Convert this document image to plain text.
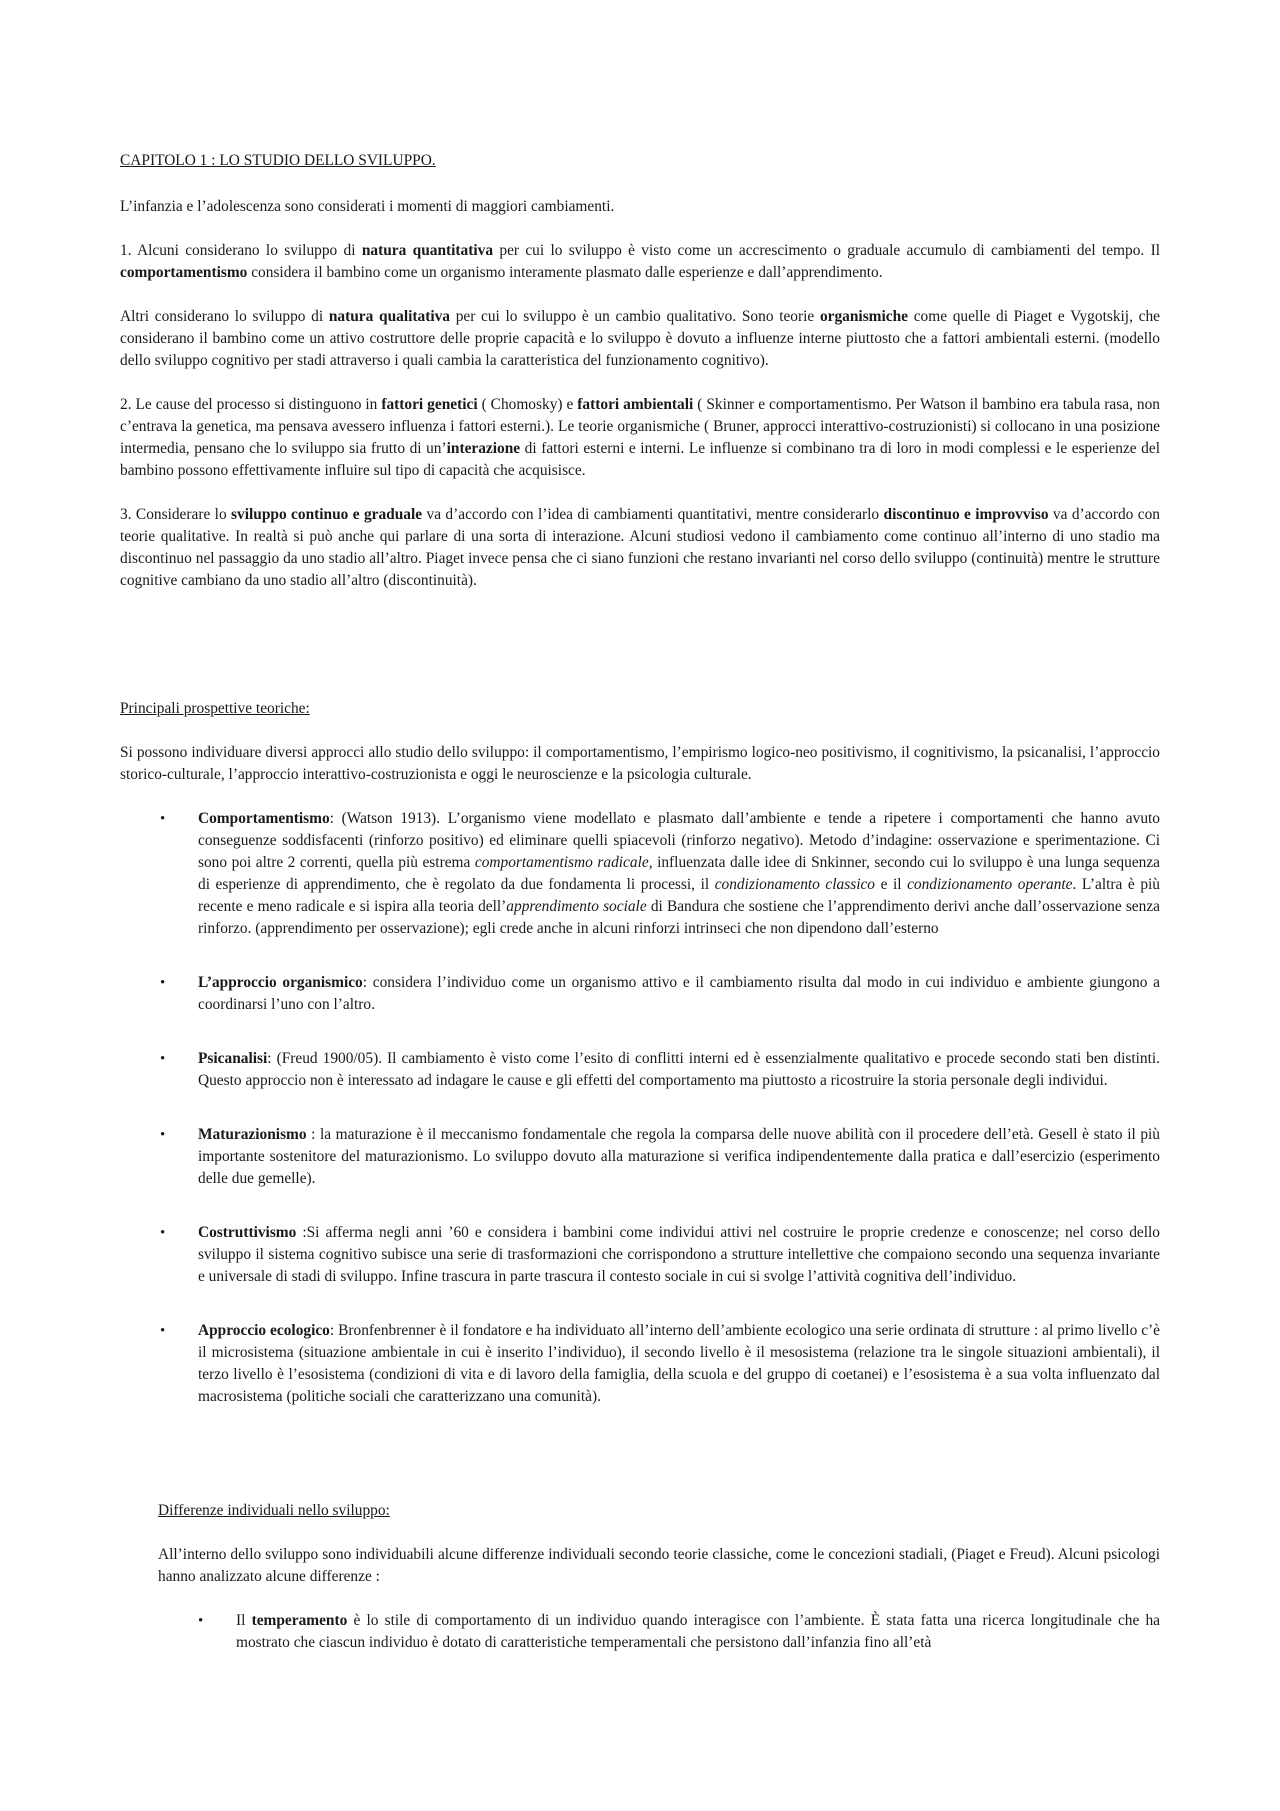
CAPITOLO 1 : LO STUDIO DELLO SVILUPPO.

L’infanzia e l’adolescenza sono considerati i momenti di maggiori cambiamenti.

1. Alcuni considerano lo sviluppo di natura quantitativa per cui lo sviluppo è visto come un accrescimento o graduale accumulo di cambiamenti del tempo. Il comportamentismo considera il bambino come un organismo interamente plasmato dalle esperienze e dall’apprendimento.

Altri considerano lo sviluppo di natura qualitativa per cui lo sviluppo è un cambio qualitativo. Sono teorie organismiche come quelle di Piaget e Vygotskij, che considerano il bambino come un attivo costruttore delle proprie capacità e lo sviluppo è dovuto a influenze interne piuttosto che a fattori ambientali esterni. (modello dello sviluppo cognitivo per stadi attraverso i quali cambia la caratteristica del funzionamento cognitivo).

2. Le cause del processo si distinguono in fattori genetici ( Chomosky) e fattori ambientali ( Skinner e comportamentismo. Per Watson il bambino era tabula rasa, non c’entrava la genetica, ma pensava avessero influenza i fattori esterni.). Le teorie organismiche ( Bruner, approcci interattivo-costruzionisti) si collocano in una posizione intermedia, pensano che lo sviluppo sia frutto di un’interazione di fattori esterni e interni. Le influenze si combinano tra di loro in modi complessi e le esperienze del bambino possono effettivamente influire sul tipo di capacità che acquisisce.

3. Considerare lo sviluppo continuo e graduale va d’accordo con l’idea di cambiamenti quantitativi, mentre considerarlo discontinuo e improvviso va d’accordo con teorie qualitative. In realtà si può anche qui parlare di una sorta di interazione. Alcuni studiosi vedono il cambiamento come continuo all’interno di uno stadio ma discontinuo nel passaggio da uno stadio all’altro. Piaget invece pensa che ci siano funzioni che restano invarianti nel corso dello sviluppo (continuità) mentre le strutture cognitive cambiano da uno stadio all’altro (discontinuità).

Principali prospettive teoriche:

Si possono individuare diversi approcci allo studio dello sviluppo: il comportamentismo, l’empirismo logico-neo positivismo, il cognitivismo, la psicanalisi, l’approccio storico-culturale, l’approccio interattivo-costruzionista e oggi le neuroscienze e la psicologia culturale.

• Comportamentismo: (Watson 1913). L’organismo viene modellato e plasmato dall’ambiente e tende a ripetere i comportamenti che hanno avuto conseguenze soddisfacenti (rinforzo positivo) ed eliminare quelli spiacevoli (rinforzo negativo). Metodo d’indagine: osservazione e sperimentazione. Ci sono poi altre 2 correnti, quella più estrema comportamentismo radicale, influenzata dalle idee di Snkinner, secondo cui lo sviluppo è una lunga sequenza di esperienze di apprendimento, che è regolato da due fondamenta li processi, il condizionamento classico e il condizionamento operante. L’altra è più recente e meno radicale e si ispira alla teoria dell’apprendimento sociale di Bandura che sostiene che l’apprendimento derivi anche dall’osservazione senza rinforzo. (apprendimento per osservazione); egli crede anche in alcuni rinforzi intrinseci che non dipendono dall’esterno
• L’approccio organismico: considera l’individuo come un organismo attivo e il cambiamento risulta dal modo in cui individuo e ambiente giungono a coordinarsi l’uno con l’altro.
• Psicanalisi: (Freud 1900/05). Il cambiamento è visto come l’esito di conflitti interni ed è essenzialmente qualitativo e procede secondo stati ben distinti. Questo approccio non è interessato ad indagare le cause e gli effetti del comportamento ma piuttosto a ricostruire la storia personale degli individui.
• Maturazionismo : la maturazione è il meccanismo fondamentale che regola la comparsa delle nuove abilità con il procedere dell’età. Gesell è stato il più importante sostenitore del maturazionismo. Lo sviluppo dovuto alla maturazione si verifica indipendentemente dalla pratica e dall’esercizio (esperimento delle due gemelle).
• Costruttivismo :Si afferma negli anni ’60 e considera i bambini come individui attivi nel costruire le proprie credenze e conoscenze; nel corso dello sviluppo il sistema cognitivo subisce una serie di trasformazioni che corrispondono a strutture intellettive che compaiono secondo una sequenza invariante e universale di stadi di sviluppo. Infine trascura in parte trascura il contesto sociale in cui si svolge l’attività cognitiva dell’individuo.
• Approccio ecologico: Bronfenbrenner è il fondatore e ha individuato all’interno dell’ambiente ecologico una serie ordinata di strutture : al primo livello c’è il microsistema (situazione ambientale in cui è inserito l’individuo), il secondo livello è il mesosistema (relazione tra le singole situazioni ambientali), il terzo livello è l’esosistema (condizioni di vita e di lavoro della famiglia, della scuola e del gruppo di coetanei) e l’esosistema è a sua volta influenzato dal macrosistema (politiche sociali che caratterizzano una comunità).

Differenze individuali nello sviluppo:

All’interno dello sviluppo sono individuabili alcune differenze individuali secondo teorie classiche, come le concezioni stadiali, (Piaget e Freud). Alcuni psicologi hanno analizzato alcune differenze :

• Il temperamento è lo stile di comportamento di un individuo quando interagisce con l’ambiente. È stata fatta una ricerca longitudinale che ha mostrato che ciascun individuo è dotato di caratteristiche temperamentali che persistono dall’infanzia fino all’età
